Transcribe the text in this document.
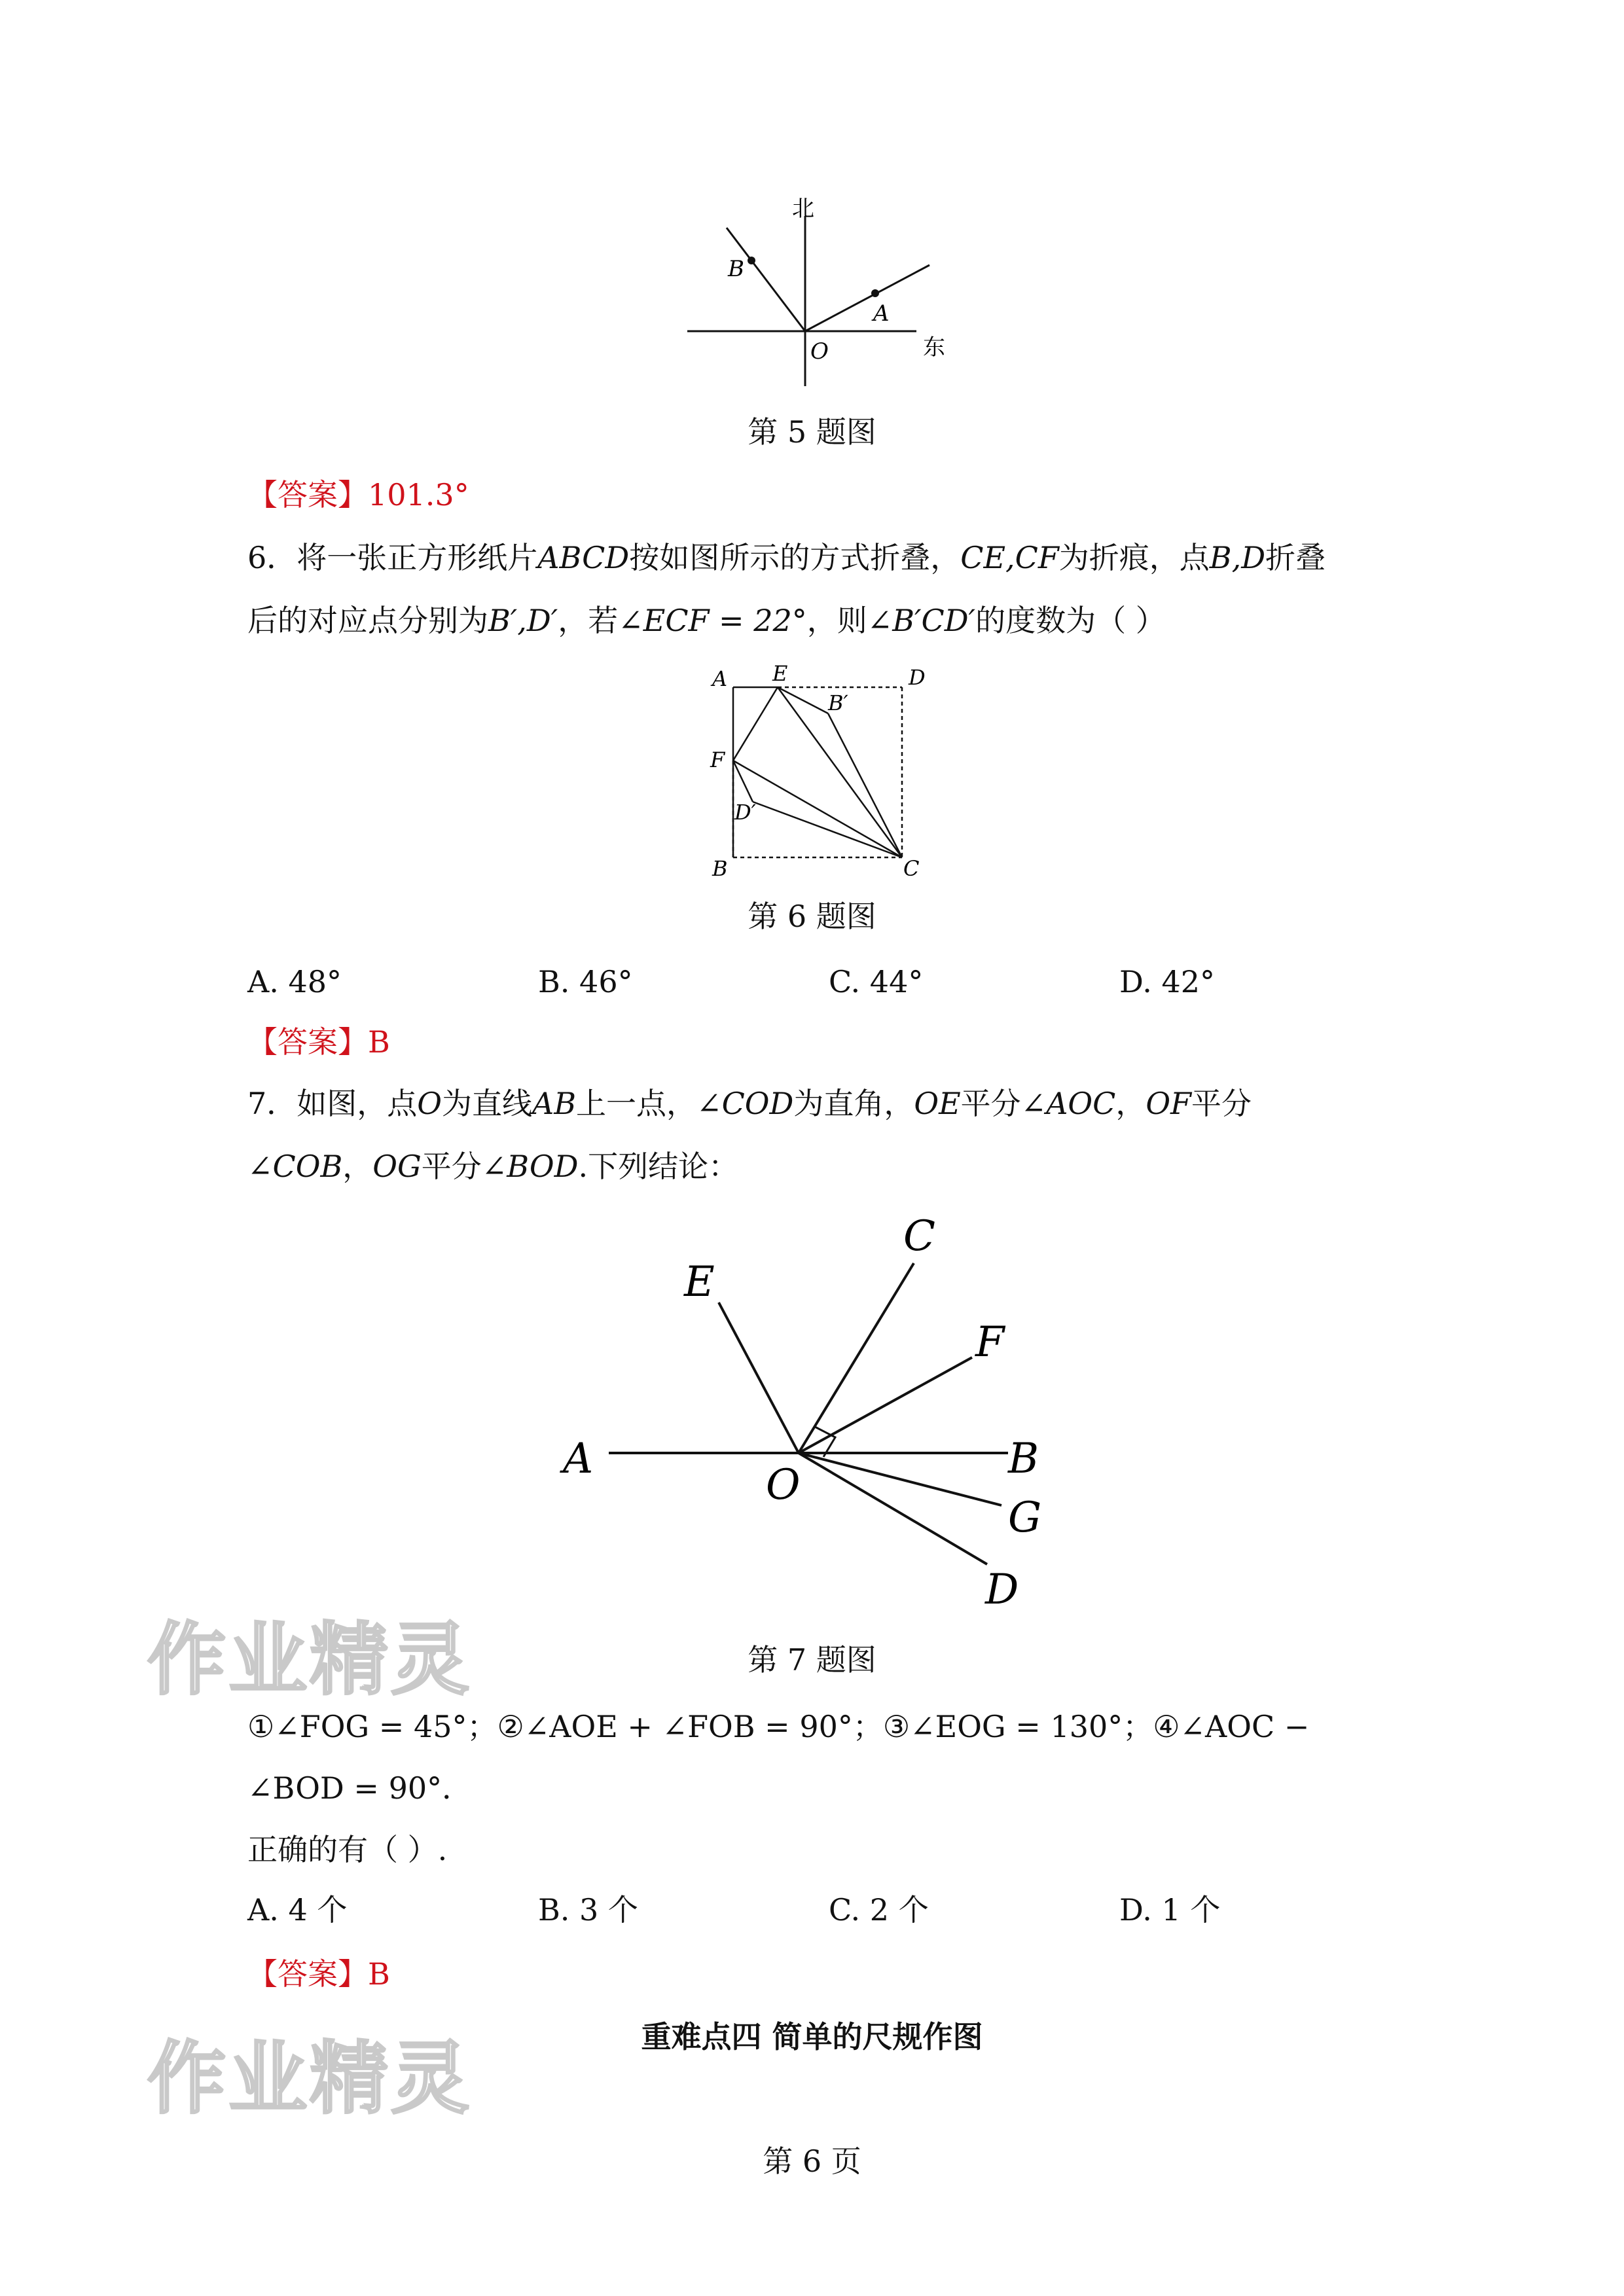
北
东
O
A
B
第 5 题图
【答案】101.3°
6．将一张正方形纸片ABCD按如图所示的方式折叠，CE,CF为折痕，点B,D折叠
后的对应点分别为B′,D′，若∠ECF = 22°，则∠B′CD′的度数为（ ）
A E	D
B′
F
D′
B	C
第 6 题图
A. 48°	B. 46°	C. 44°	D. 42°
【答案】B
7．如图，点O为直线AB上一点，∠COD为直角，OE平分∠AOC，OF平分
∠COB，OG平分∠BOD.下列结论：
A	B
C
D
E
F
G
O
第 7 题图
①∠FOG = 45°；②∠AOE + ∠FOB = 90°；③∠EOG = 130°；④∠AOC −
∠BOD = 90°．
正确的有（ ）.
A. 4 个	B. 3 个	C. 2 个	D. 1 个
【答案】B
重难点四 简单的尺规作图
作业精灵
作业精灵
第 6 页
